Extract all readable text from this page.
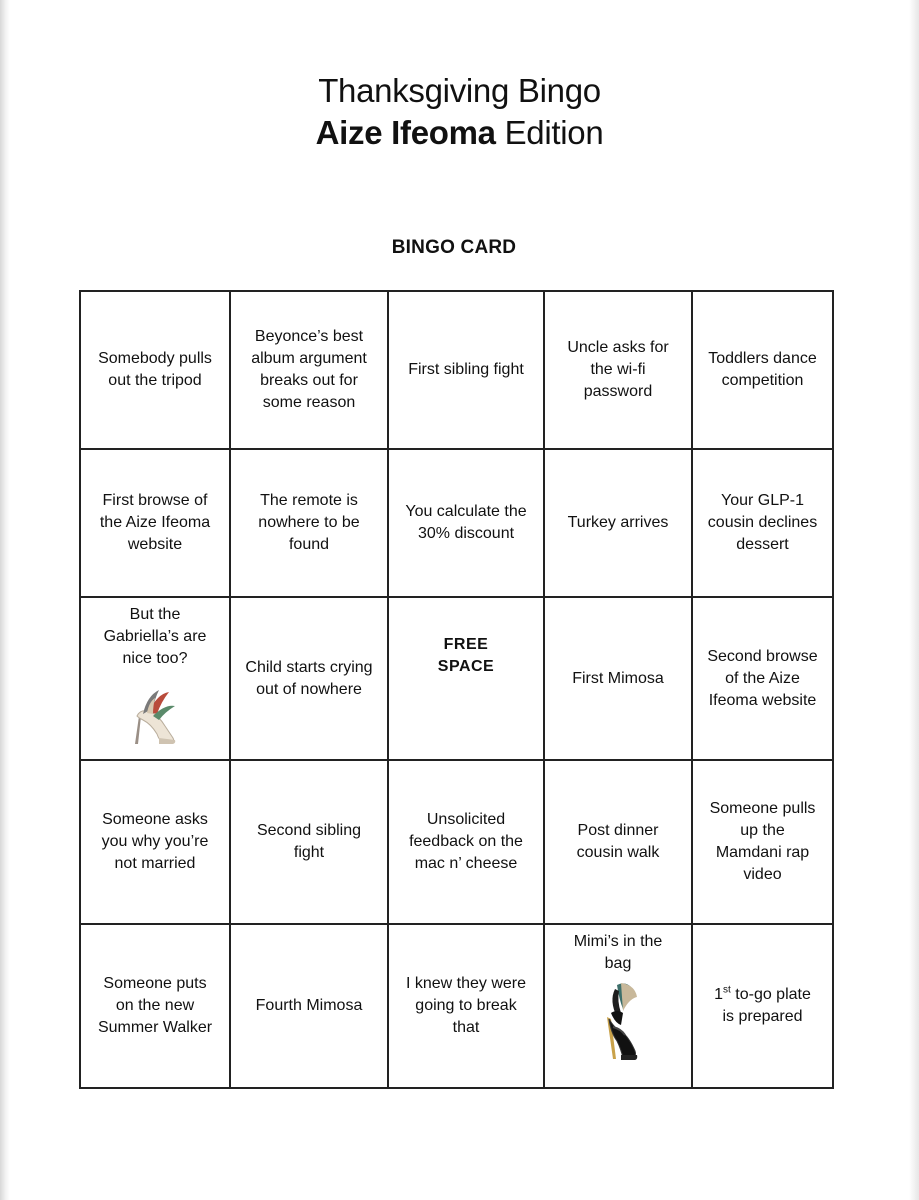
Thanksgiving Bingo
Aize Ifeoma Edition
BINGO CARD
Somebody pulls out the tripod	Beyonce’s best album argument breaks out for some reason	First sibling fight	Uncle asks for the wi-fi password	Toddlers dance competition
First browse of the Aize Ifeoma website	The remote is nowhere to be found	You calculate the 30% discount	Turkey arrives	Your GLP-1 cousin declines dessert
But the Gabriella’s are nice too?	Child starts crying out of nowhere	FREE SPACE	First Mimosa	Second browse of the Aize Ifeoma website
Someone asks you why you’re not married	Second sibling fight	Unsolicited feedback on the mac n’ cheese	Post dinner cousin walk	Someone pulls up the Mamdani rap video
Someone puts on the new Summer Walker	Fourth Mimosa	I knew they were going to break that	Mimi’s in the bag	1st to-go plate is prepared
